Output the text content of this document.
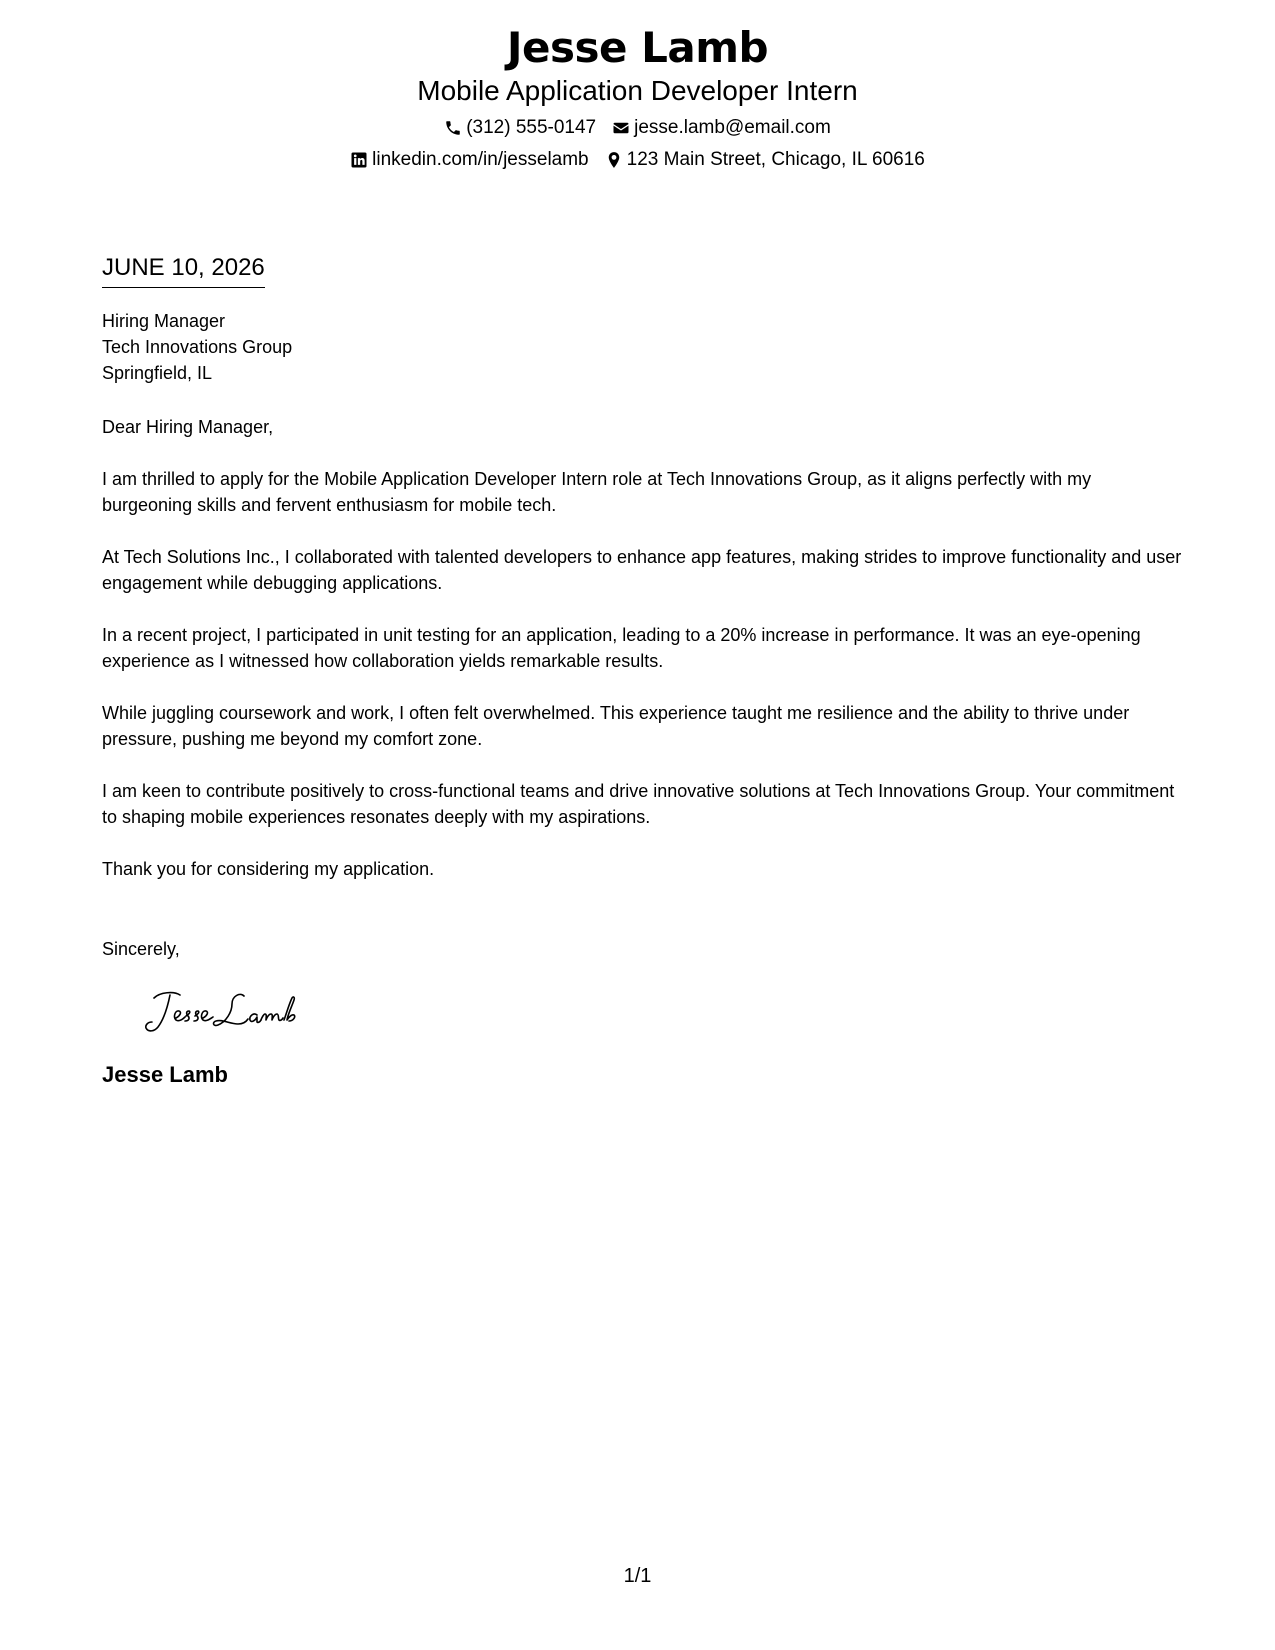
Jesse Lamb
Mobile Application Developer Intern
(312) 555-0147 jesse.lamb@email.com
linkedin.com/in/jesselamb 123 Main Street, Chicago, IL 60616
JUNE 10, 2026
Hiring Manager
Tech Innovations Group
Springfield, IL

Dear Hiring Manager,

I am thrilled to apply for the Mobile Application Developer Intern role at Tech Innovations Group, as it aligns perfectly with my burgeoning skills and fervent enthusiasm for mobile tech.

At Tech Solutions Inc., I collaborated with talented developers to enhance app features, making strides to improve functionality and user engagement while debugging applications.

In a recent project, I participated in unit testing for an application, leading to a 20% increase in performance. It was an eye-opening experience as I witnessed how collaboration yields remarkable results.

While juggling coursework and work, I often felt overwhelmed. This experience taught me resilience and the ability to thrive under pressure, pushing me beyond my comfort zone.

I am keen to contribute positively to cross-functional teams and drive innovative solutions at Tech Innovations Group. Your commitment to shaping mobile experiences resonates deeply with my aspirations.

Thank you for considering my application.

Sincerely,

Jesse Lamb
1/1
